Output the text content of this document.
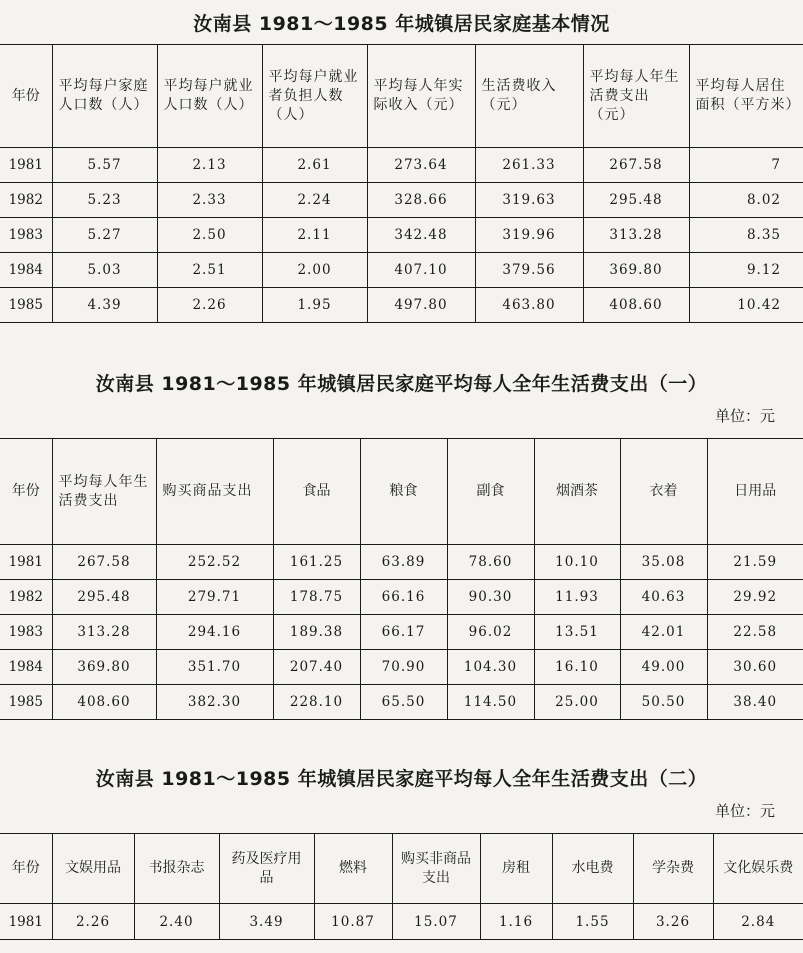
汝南县 1981～1985 年城镇居民家庭基本情况
年份	平均每户家庭人口数（人）	平均每户就业人口数（人）	平均每户就业者负担人数（人）	平均每人年实际收入（元）	生活费收入（元）	平均每人年生活费支出（元）	平均每人居住面积（平方米）
1981	5.57	2.13	2.61	273.64	261.33	267.58	7
1982	5.23	2.33	2.24	328.66	319.63	295.48	8.02
1983	5.27	2.50	2.11	342.48	319.96	313.28	8.35
1984	5.03	2.51	2.00	407.10	379.56	369.80	9.12
1985	4.39	2.26	1.95	497.80	463.80	408.60	10.42
汝南县 1981～1985 年城镇居民家庭平均每人全年生活费支出（一）
单位：元
年份	平均每人年生活费支出	购买商品支出	食品	粮食	副食	烟酒茶	衣着	日用品
1981	267.58	252.52	161.25	63.89	78.60	10.10	35.08	21.59
1982	295.48	279.71	178.75	66.16	90.30	11.93	40.63	29.92
1983	313.28	294.16	189.38	66.17	96.02	13.51	42.01	22.58
1984	369.80	351.70	207.40	70.90	104.30	16.10	49.00	30.60
1985	408.60	382.30	228.10	65.50	114.50	25.00	50.50	38.40
汝南县 1981～1985 年城镇居民家庭平均每人全年生活费支出（二）
单位：元
年份	文娱用品	书报杂志	药及医疗用品	燃料	购买非商品支出	房租	水电费	学杂费	文化娱乐费
1981	2.26	2.40	3.49	10.87	15.07	1.16	1.55	3.26	2.84
